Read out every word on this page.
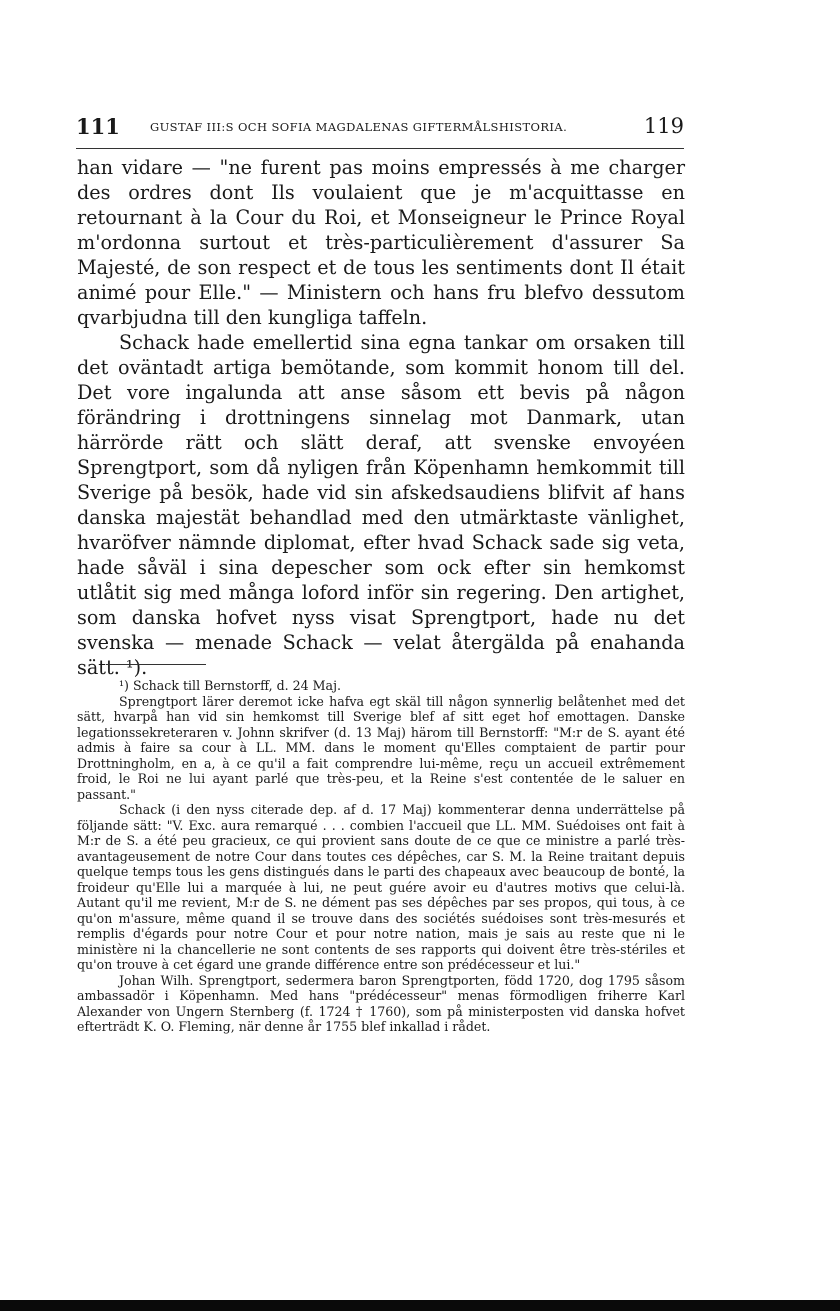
111	GUSTAF III:S OCH SOFIA MAGDALENAS GIFTERMÅLSHISTORIA.	119

han vidare — "ne furent pas moins empressés à me charger des ordres dont Ils voulaient que je m'acquittasse en retournant à la Cour du Roi, et Monseigneur le Prince Royal m'ordonna surtout et très-particulièrement d'assurer Sa Majesté, de son respect et de tous les sentiments dont Il était animé pour Elle." — Ministern och hans fru blefvo dessutom qvarbjudna till den kungliga taffeln.

Schack hade emellertid sina egna tankar om orsaken till det oväntadt artiga bemötande, som kommit honom till del. Det vore ingalunda att anse såsom ett bevis på någon förändring i drottningens sinnelag mot Danmark, utan härrörde rätt och slätt deraf, att svenske envoyéen Sprengtport, som då nyligen från Köpenhamn hemkommit till Sverige på besök, hade vid sin afskedsaudiens blifvit af hans danska majestät behandlad med den utmärktaste vänlighet, hvaröfver nämnde diplomat, efter hvad Schack sade sig veta, hade såväl i sina depescher som ock efter sin hemkomst utlåtit sig med många loford inför sin regering. Den artighet, som danska hofvet nyss visat Sprengtport, hade nu det svenska — menade Schack — velat återgälda på enahanda sätt. ¹).

¹) Schack till Bernstorff, d. 24 Maj.

Sprengtport lärer deremot icke hafva egt skäl till någon synnerlig belåtenhet med det sätt, hvarpå han vid sin hemkomst till Sverige blef af sitt eget hof emottagen. Danske legationssekreteraren v. Johnn skrifver (d. 13 Maj) härom till Bernstorff: "M:r de S. ayant été admis à faire sa cour à LL. MM. dans le moment qu'Elles comptaient de partir pour Drottningholm, en a, à ce qu'il a fait comprendre lui-même, reçu un accueil extrêmement froid, le Roi ne lui ayant parlé que très-peu, et la Reine s'est contentée de le saluer en passant."

Schack (i den nyss citerade dep. af d. 17 Maj) kommenterar denna underrättelse på följande sätt: "V. Exc. aura remarqué . . . combien l'accueil que LL. MM. Suédoises ont fait à M:r de S. a été peu gracieux, ce qui provient sans doute de ce que ce ministre a parlé très-avantageusement de notre Cour dans toutes ces dépêches, car S. M. la Reine traitant depuis quelque temps tous les gens distingués dans le parti des chapeaux avec beaucoup de bonté, la froideur qu'Elle lui a marquée à lui, ne peut guére avoir eu d'autres motivs que celui-là. Autant qu'il me revient, M:r de S. ne dément pas ses dépêches par ses propos, qui tous, à ce qu'on m'assure, même quand il se trouve dans des sociétés suédoises sont très-mesurés et remplis d'égards pour notre Cour et pour notre nation, mais je sais au reste que ni le ministère ni la chancellerie ne sont contents de ses rapports qui doivent être très-stériles et qu'on trouve à cet égard une grande différence entre son prédécesseur et lui."

Johan Wilh. Sprengtport, sedermera baron Sprengtporten, född 1720, dog 1795 såsom ambassadör i Köpenhamn. Med hans "prédécesseur" menas förmodligen friherre Karl Alexander von Ungern Sternberg (f. 1724 † 1760), som på ministerposten vid danska hofvet efterträdt K. O. Fleming, när denne år 1755 blef inkallad i rådet.
